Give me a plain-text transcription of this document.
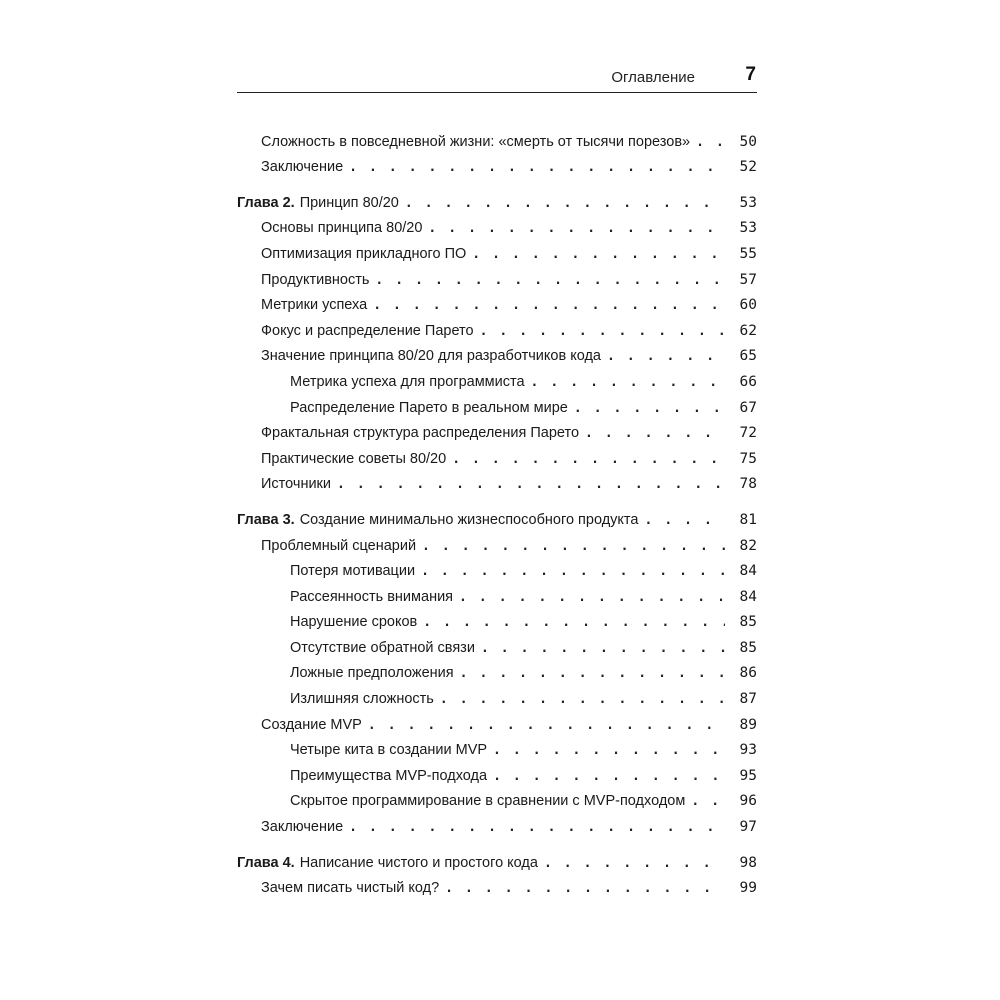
Оглавление	7
Сложность в повседневной жизни: «смерть от тысячи порезов» . . .	50
Заключение . . .	52
Глава 2. Принцип 80/20 . . .	53
Основы принципа 80/20 . . .	53
Оптимизация прикладного ПО . . .	55
Продуктивность . . .	57
Метрики успеха . . .	60
Фокус и распределение Парето . . .	62
Значение принципа 80/20 для разработчиков кода . . .	65
Метрика успеха для программиста . . .	66
Распределение Парето в реальном мире . . .	67
Фрактальная структура распределения Парето . . .	72
Практические советы 80/20 . . .	75
Источники . . .	78
Глава 3. Создание минимально жизнеспособного продукта . . .	81
Проблемный сценарий . . .	82
Потеря мотивации . . .	84
Рассеянность внимания . . .	84
Нарушение сроков . . .	85
Отсутствие обратной связи . . .	85
Ложные предположения . . .	86
Излишняя сложность . . .	87
Создание MVP . . .	89
Четыре кита в создании MVP . . .	93
Преимущества MVP-подхода . . .	95
Скрытое программирование в сравнении с MVP-подходом . . .	96
Заключение . . .	97
Глава 4. Написание чистого и простого кода . . .	98
Зачем писать чистый код? . . .	99
